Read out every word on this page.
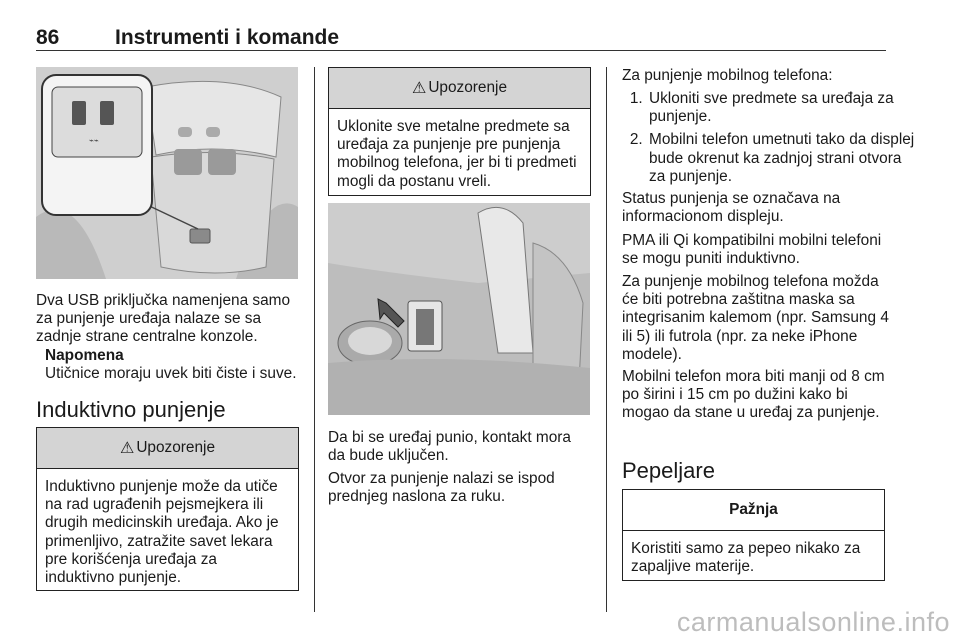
86	Instrumenti i komande
⌁⌁

Dva USB priključka namenjena samo za punjenje uređaja nalaze se sa zadnje strane centralne konzole.

Napomena

Utičnice moraju uvek biti čiste i suve.

Induktivno punjenje
⚠ Upozorenje
Induktivno punjenje može da utiče na rad ugrađenih pejsmejkera ili drugih medicinskih uređaja. Ako je primenljivo, zatražite savet lekara pre korišćenja uređaja za induktivno punjenje.
⚠ Upozorenje
Uklonite sve metalne predmete sa uređaja za punjenje pre punjenja mobilnog telefona, jer bi ti predmeti mogli da postanu vreli.

Da bi se uređaj punio, kontakt mora da bude uključen.

Otvor za punjenje nalazi se ispod prednjeg naslona za ruku.

Za punjenje mobilnog telefona:

1. Ukloniti sve predmete sa uređaja za punjenje.
2. Mobilni telefon umetnuti tako da displej bude okrenut ka zadnjoj strani otvora za punjenje.

Status punjenja se označava na informacionom displeju.

PMA ili Qi kompatibilni mobilni telefoni se mogu puniti induktivno.

Za punjenje mobilnog telefona možda će biti potrebna zaštitna maska sa integrisanim kalemom (npr. Samsung 4 ili 5) ili futrola (npr. za neke iPhone modele).

Mobilni telefon mora biti manji od 8 cm po širini i 15 cm po dužini kako bi mogao da stane u uređaj za punjenje.

Pepeljare
Pažnja
Koristiti samo za pepeo nikako za zapaljive materije.
carmanualsonline.info
